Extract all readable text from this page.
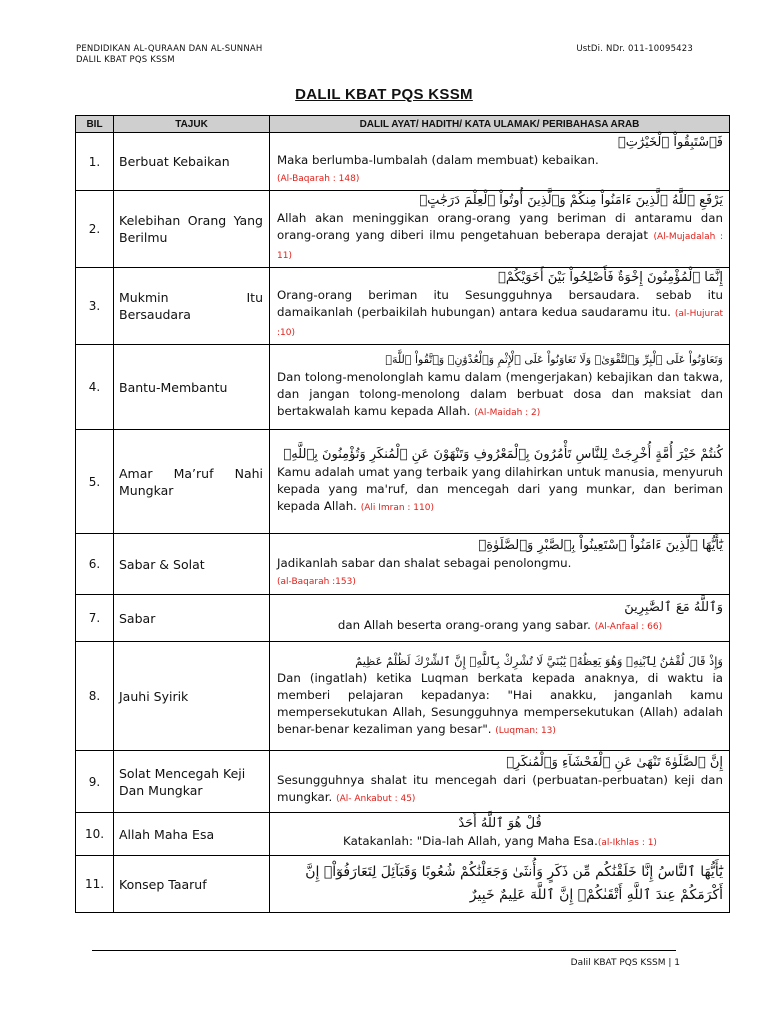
PENDIDIKAN AL-QURAAN DAN AL-SUNNAH
DALIL KBAT PQS KSSM
UstDi. NDr. 011-10095423
DALIL KBAT PQS KSSM
BIL	TAJUK	DALIL AYAT/ HADITH/ KATA ULAMAK/ PERIBAHASA ARAB
1.	Berbuat Kebaikan	فَٱسْتَبِقُواْ ٱلْخَيْرَٰتِۚ
Maka berlumba-lumbalah (dalam membuat) kebaikan.
(Al-Baqarah : 148)

2.	Kelebihan Orang Yang Berilmu	يَرْفَعِ ٱللَّهُ ٱلَّذِينَ ءَامَنُواْ مِنكُمْ وَٱلَّذِينَ أُوتُواْ ٱلْعِلْمَ دَرَجَٰتٍۚ
Allah akan meninggikan orang-orang yang beriman di antaramu dan orang-orang yang diberi ilmu pengetahuan beberapa derajat (Al-Mujadalah : 11)

3.	Mukmin Itu Bersaudara	إِنَّمَا ٱلْمُؤْمِنُونَ إِخْوَةٌ فَأَصْلِحُواْ بَيْنَ أَخَوَيْكُمْۚ
Orang-orang beriman itu Sesungguhnya bersaudara. sebab itu damaikanlah (perbaikilah hubungan) antara kedua saudaramu itu. (al-Hujurat :10)

4.	Bantu-Membantu	وَتَعَاوَنُواْ عَلَى ٱلْبِرِّ وَٱلتَّقْوَىٰۖ وَلَا تَعَاوَنُواْ عَلَى ٱلْإِثْمِ وَٱلْعُدْوَٰنِۚ وَٱتَّقُواْ ٱللَّهَۖ
Dan tolong-menolonglah kamu dalam (mengerjakan) kebajikan dan takwa, dan jangan tolong-menolong dalam berbuat dosa dan maksiat dan bertakwalah kamu kepada Allah. (Al-Maidah : 2)

5.	Amar Ma’ruf Nahi Mungkar	كُنتُمْ خَيْرَ أُمَّةٍ أُخْرِجَتْ لِلنَّاسِ تَأْمُرُونَ بِٱلْمَعْرُوفِ وَتَنْهَوْنَ عَنِ ٱلْمُنكَرِ وَتُؤْمِنُونَ بِٱللَّهِۗ
Kamu adalah umat yang terbaik yang dilahirkan untuk manusia, menyuruh kepada yang ma'ruf, dan mencegah dari yang munkar, dan beriman kepada Allah. (Ali Imran : 110)

6.	Sabar & Solat	يَٰٓأَيُّهَا ٱلَّذِينَ ءَامَنُواْ ٱسْتَعِينُواْ بِٱلصَّبْرِ وَٱلصَّلَوٰةِۚ
Jadikanlah sabar dan shalat sebagai penolongmu.
(al-Baqarah :153)

7.	Sabar	وَٱللَّهُ مَعَ ٱلصَّٰبِرِينَ
dan Allah beserta orang-orang yang sabar. (Al-Anfaal : 66)

8.	Jauhi Syirik	وَإِذْ قَالَ لُقْمَٰنُ لِٱبْنِهِۦ وَهُوَ يَعِظُهُۥ يَٰبُنَيَّ لَا تُشْرِكْ بِٱللَّهِۖ إِنَّ ٱلشِّرْكَ لَظُلْمٌ عَظِيمٌ
Dan (ingatlah) ketika Luqman berkata kepada anaknya, di waktu ia memberi pelajaran kepadanya: "Hai anakku, janganlah kamu mempersekutukan Allah, Sesungguhnya mempersekutukan (Allah) adalah benar-benar kezaliman yang besar". (Luqman: 13)

9.	Solat Mencegah Keji Dan Mungkar	إِنَّ ٱلصَّلَوٰةَ تَنْهَىٰ عَنِ ٱلْفَحْشَآءِ وَٱلْمُنكَرِۗ
Sesungguhnya shalat itu mencegah dari (perbuatan-perbuatan) keji dan mungkar. (Al- Ankabut : 45)

10.	Allah Maha Esa	قُلْ هُوَ ٱللَّهُ أَحَدٌ
Katakanlah: "Dia-lah Allah, yang Maha Esa.(al-Ikhlas : 1)

11.	Konsep Taaruf	يَٰٓأَيُّهَا ٱلنَّاسُ إِنَّا خَلَقْنَٰكُم مِّن ذَكَرٍ وَأُنثَىٰ وَجَعَلْنَٰكُمْ شُعُوبًا وَقَبَآئِلَ لِتَعَارَفُوٓاْۚ إِنَّ أَكْرَمَكُمْ عِندَ ٱللَّهِ أَتْقَىٰكُمْۚ إِنَّ ٱللَّهَ عَلِيمٌ خَبِيرٌ
Dalil KBAT PQS KSSM | 1
